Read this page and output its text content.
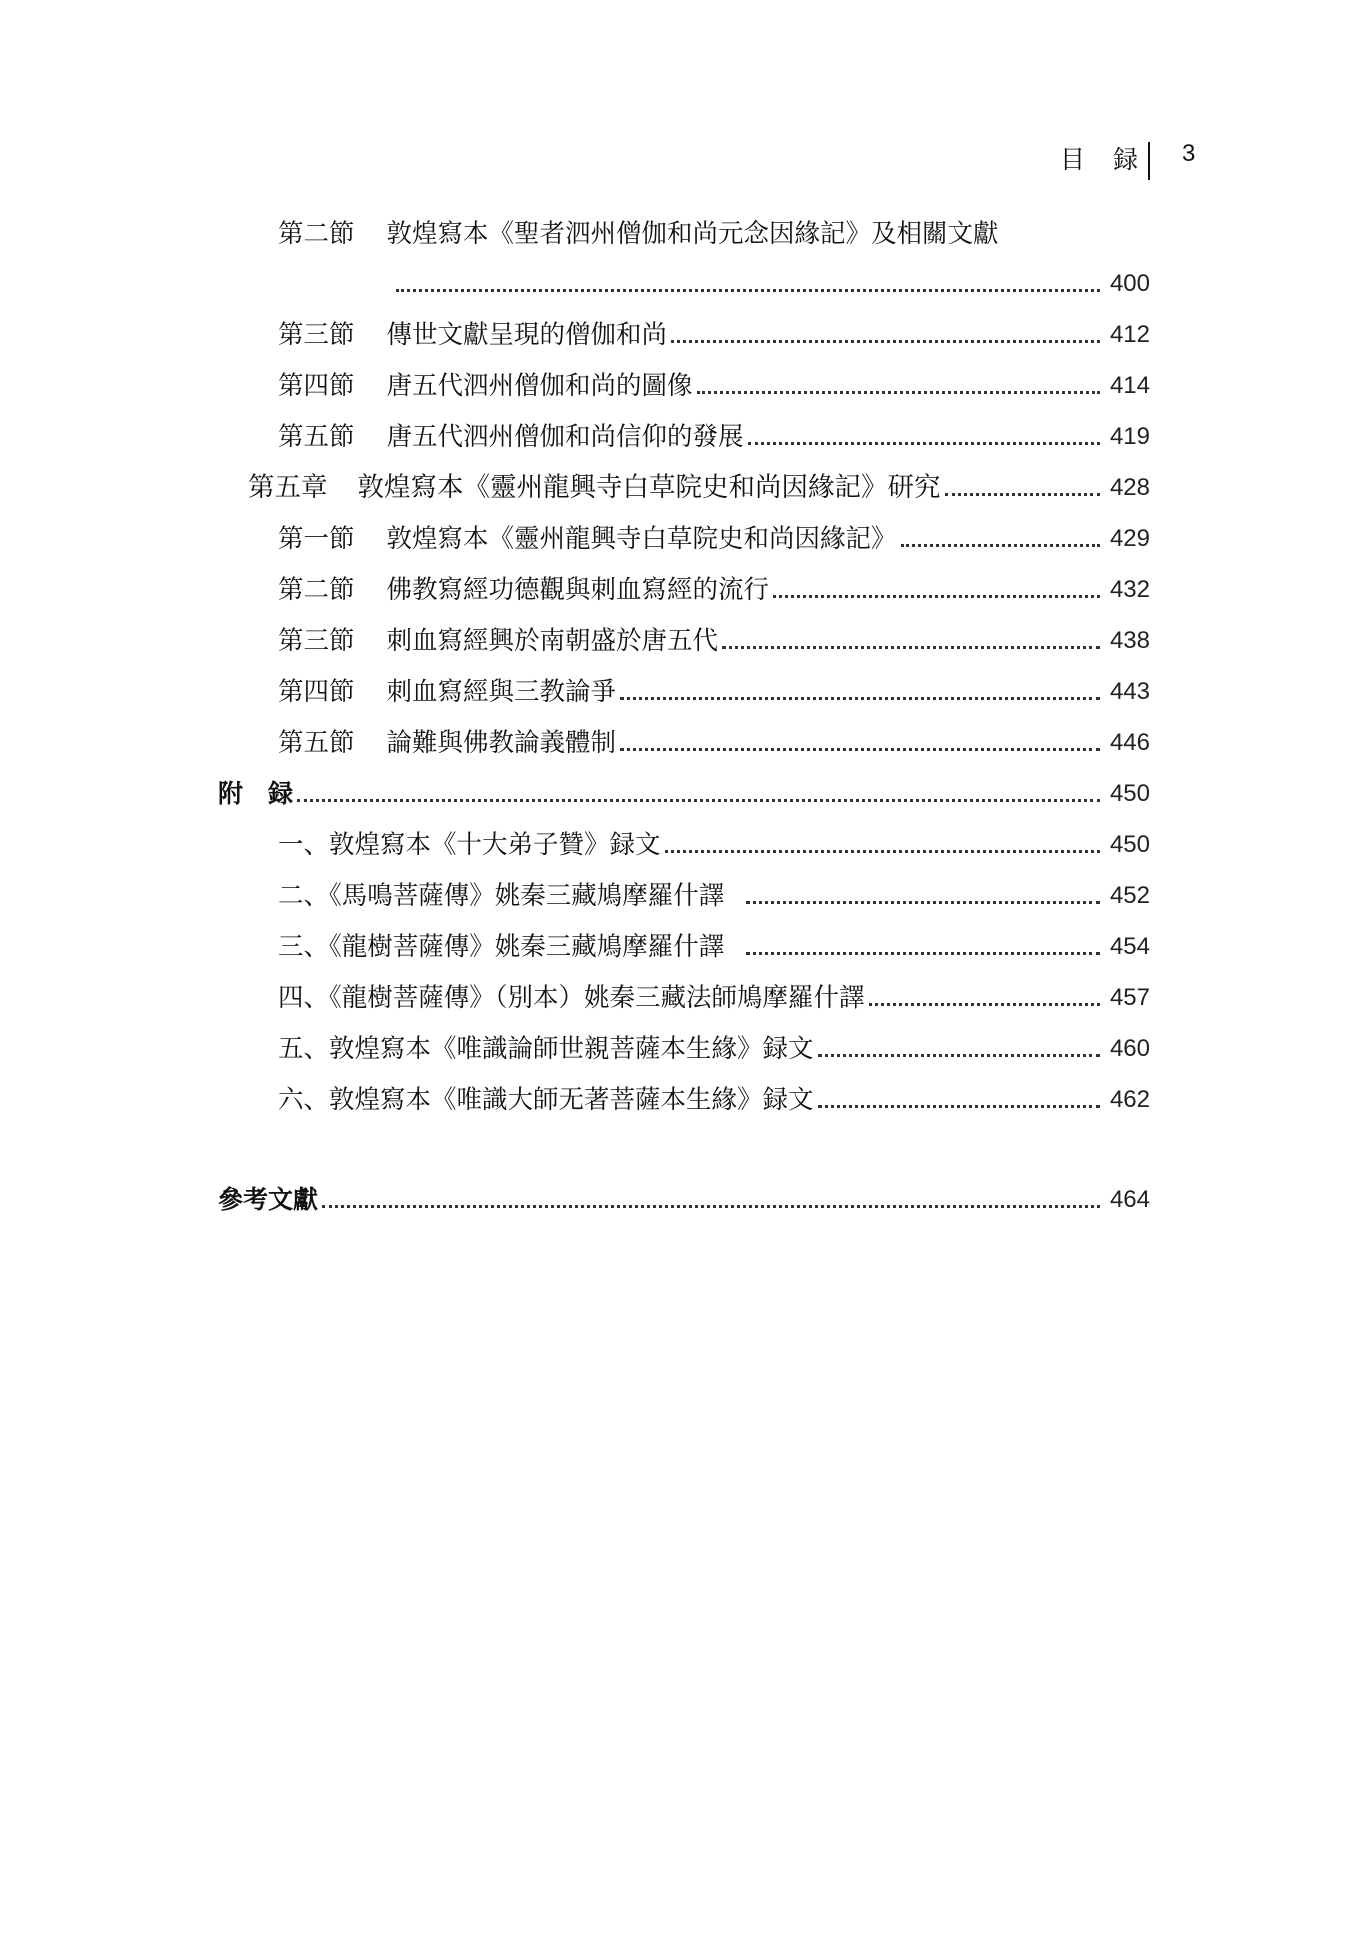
目 録 3
第二節 敦煌寫本《聖者泗州僧伽和尚元念因緣記》及相關文獻
400
第三節 傳世文獻呈現的僧伽和尚	412
第四節 唐五代泗州僧伽和尚的圖像	414
第五節 唐五代泗州僧伽和尚信仰的發展	419
第五章 敦煌寫本《靈州龍興寺白草院史和尚因緣記》研究	428
第一節 敦煌寫本《靈州龍興寺白草院史和尚因緣記》	429
第二節 佛教寫經功德觀與刺血寫經的流行	432
第三節 刺血寫經興於南朝盛於唐五代	438
第四節 刺血寫經與三教論爭	443
第五節 論難與佛教論義體制	446
附　録	450
一、敦煌寫本《十大弟子贊》録文	450
二、《馬鳴菩薩傳》姚秦三藏鳩摩羅什譯	452
三、《龍樹菩薩傳》姚秦三藏鳩摩羅什譯	454
四、《龍樹菩薩傳》（別本）姚秦三藏法師鳩摩羅什譯	457
五、敦煌寫本《唯識論師世親菩薩本生緣》録文	460
六、敦煌寫本《唯識大師无著菩薩本生緣》録文	462
參考文獻	464
